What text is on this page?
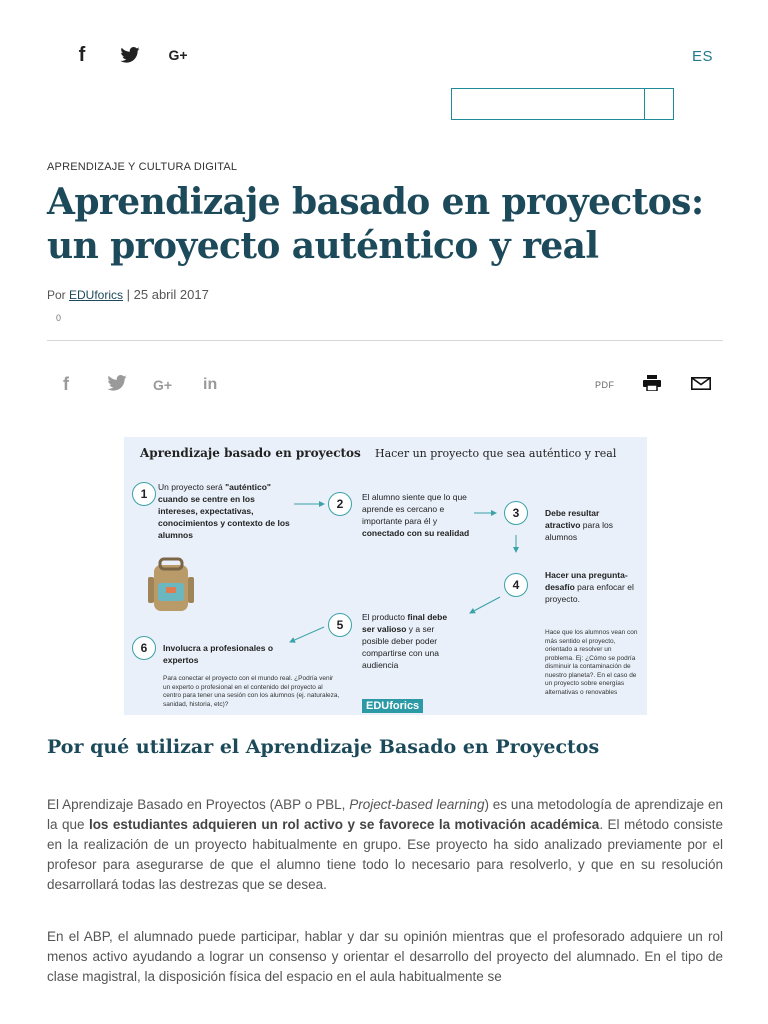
f	G+	ES
APRENDIZAJE Y CULTURA DIGITAL
Aprendizaje basado en proyectos: un proyecto auténtico y real
Por EDUforics | 25 abril 2017
0
f	G+ in	PDF
Aprendizaje basado en proyectos Hacer un proyecto que sea auténtico y real
1	Un proyecto será "auténtico" cuando se centre en los intereses, expectativas, conocimientos y contexto de los alumnos
2	El alumno siente que lo que aprende es cercano e importante para él y conectado con su realidad
3	Debe resultar atractivo para los alumnos
4
Hacer una pregunta-desafío para enfocar el proyecto.
5
El producto final debe ser valioso y a ser posible deber poder compartirse con una audiencia
6	Involucra a profesionales o expertos
Para conectar el proyecto con el mundo real. ¿Podría venir un experto o profesional en el contenido del proyecto al centro para tener una sesión con los alumnos (ej. naturaleza, sanidad, historia, etc)?
Hace que los alumnos vean con más sentido el proyecto, orientado a resolver un problema. Ej: ¿Cómo se podría disminuir la contaminación de nuestro planeta?. En el caso de un proyecto sobre energías alternativas o renovables
EDUforics
Por qué utilizar el Aprendizaje Basado en Proyectos

El Aprendizaje Basado en Proyectos (ABP o PBL, Project-based learning) es una metodología de aprendizaje en la que los estudiantes adquieren un rol activo y se favorece la motivación académica. El método consiste en la realización de un proyecto habitualmente en grupo. Ese proyecto ha sido analizado previamente por el profesor para asegurarse de que el alumno tiene todo lo necesario para resolverlo, y que en su resolución desarrollará todas las destrezas que se desea.

En el ABP, el alumnado puede participar, hablar y dar su opinión mientras que el profesorado adquiere un rol menos activo ayudando a lograr un consenso y orientar el desarrollo del proyecto del alumnado. En el tipo de clase magistral, la disposición física del espacio en el aula habitualmente se
